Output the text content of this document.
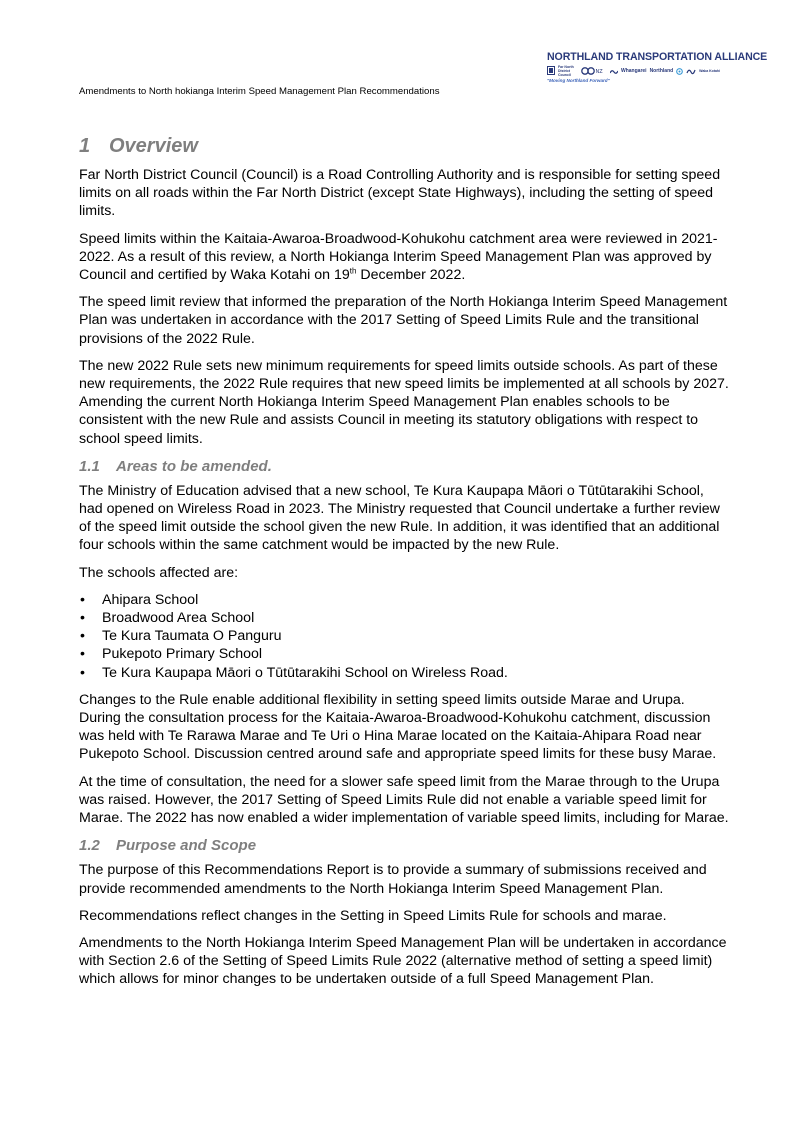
NORTHLAND TRANSPORTATION ALLIANCE
Far North District Council	NZ	Whangarei Northland	Waka Kotahi
"Moving Northland Forward"
Amendments to North hokianga Interim Speed Management Plan Recommendations
1 Overview

Far North District Council (Council) is a Road Controlling Authority and is responsible for setting speed limits on all roads within the Far North District (except State Highways), including the setting of speed limits.

Speed limits within the Kaitaia-Awaroa-Broadwood-Kohukohu catchment area were reviewed in 2021-2022. As a result of this review, a North Hokianga Interim Speed Management Plan was approved by Council and certified by Waka Kotahi on 19th December 2022.

The speed limit review that informed the preparation of the North Hokianga Interim Speed Management Plan was undertaken in accordance with the 2017 Setting of Speed Limits Rule and the transitional provisions of the 2022 Rule.

The new 2022 Rule sets new minimum requirements for speed limits outside schools. As part of these new requirements, the 2022 Rule requires that new speed limits be implemented at all schools by 2027. Amending the current North Hokianga Interim Speed Management Plan enables schools to be consistent with the new Rule and assists Council in meeting its statutory obligations with respect to school speed limits.

1.1 Areas to be amended.

The Ministry of Education advised that a new school, Te Kura Kaupapa Māori o Tūtūtarakihi School, had opened on Wireless Road in 2023. The Ministry requested that Council undertake a further review of the speed limit outside the school given the new Rule. In addition, it was identified that an additional four schools within the same catchment would be impacted by the new Rule.

The schools affected are:

• Ahipara School
• Broadwood Area School
• Te Kura Taumata O Panguru
• Pukepoto Primary School
• Te Kura Kaupapa Māori o Tūtūtarakihi School on Wireless Road.

Changes to the Rule enable additional flexibility in setting speed limits outside Marae and Urupa. During the consultation process for the Kaitaia-Awaroa-Broadwood-Kohukohu catchment, discussion was held with Te Rarawa Marae and Te Uri o Hina Marae located on the Kaitaia-Ahipara Road near Pukepoto School. Discussion centred around safe and appropriate speed limits for these busy Marae.

At the time of consultation, the need for a slower safe speed limit from the Marae through to the Urupa was raised. However, the 2017 Setting of Speed Limits Rule did not enable a variable speed limit for Marae. The 2022 has now enabled a wider implementation of variable speed limits, including for Marae.

1.2 Purpose and Scope

The purpose of this Recommendations Report is to provide a summary of submissions received and provide recommended amendments to the North Hokianga Interim Speed Management Plan.

Recommendations reflect changes in the Setting in Speed Limits Rule for schools and marae.

Amendments to the North Hokianga Interim Speed Management Plan will be undertaken in accordance with Section 2.6 of the Setting of Speed Limits Rule 2022 (alternative method of setting a speed limit) which allows for minor changes to be undertaken outside of a full Speed Management Plan.
